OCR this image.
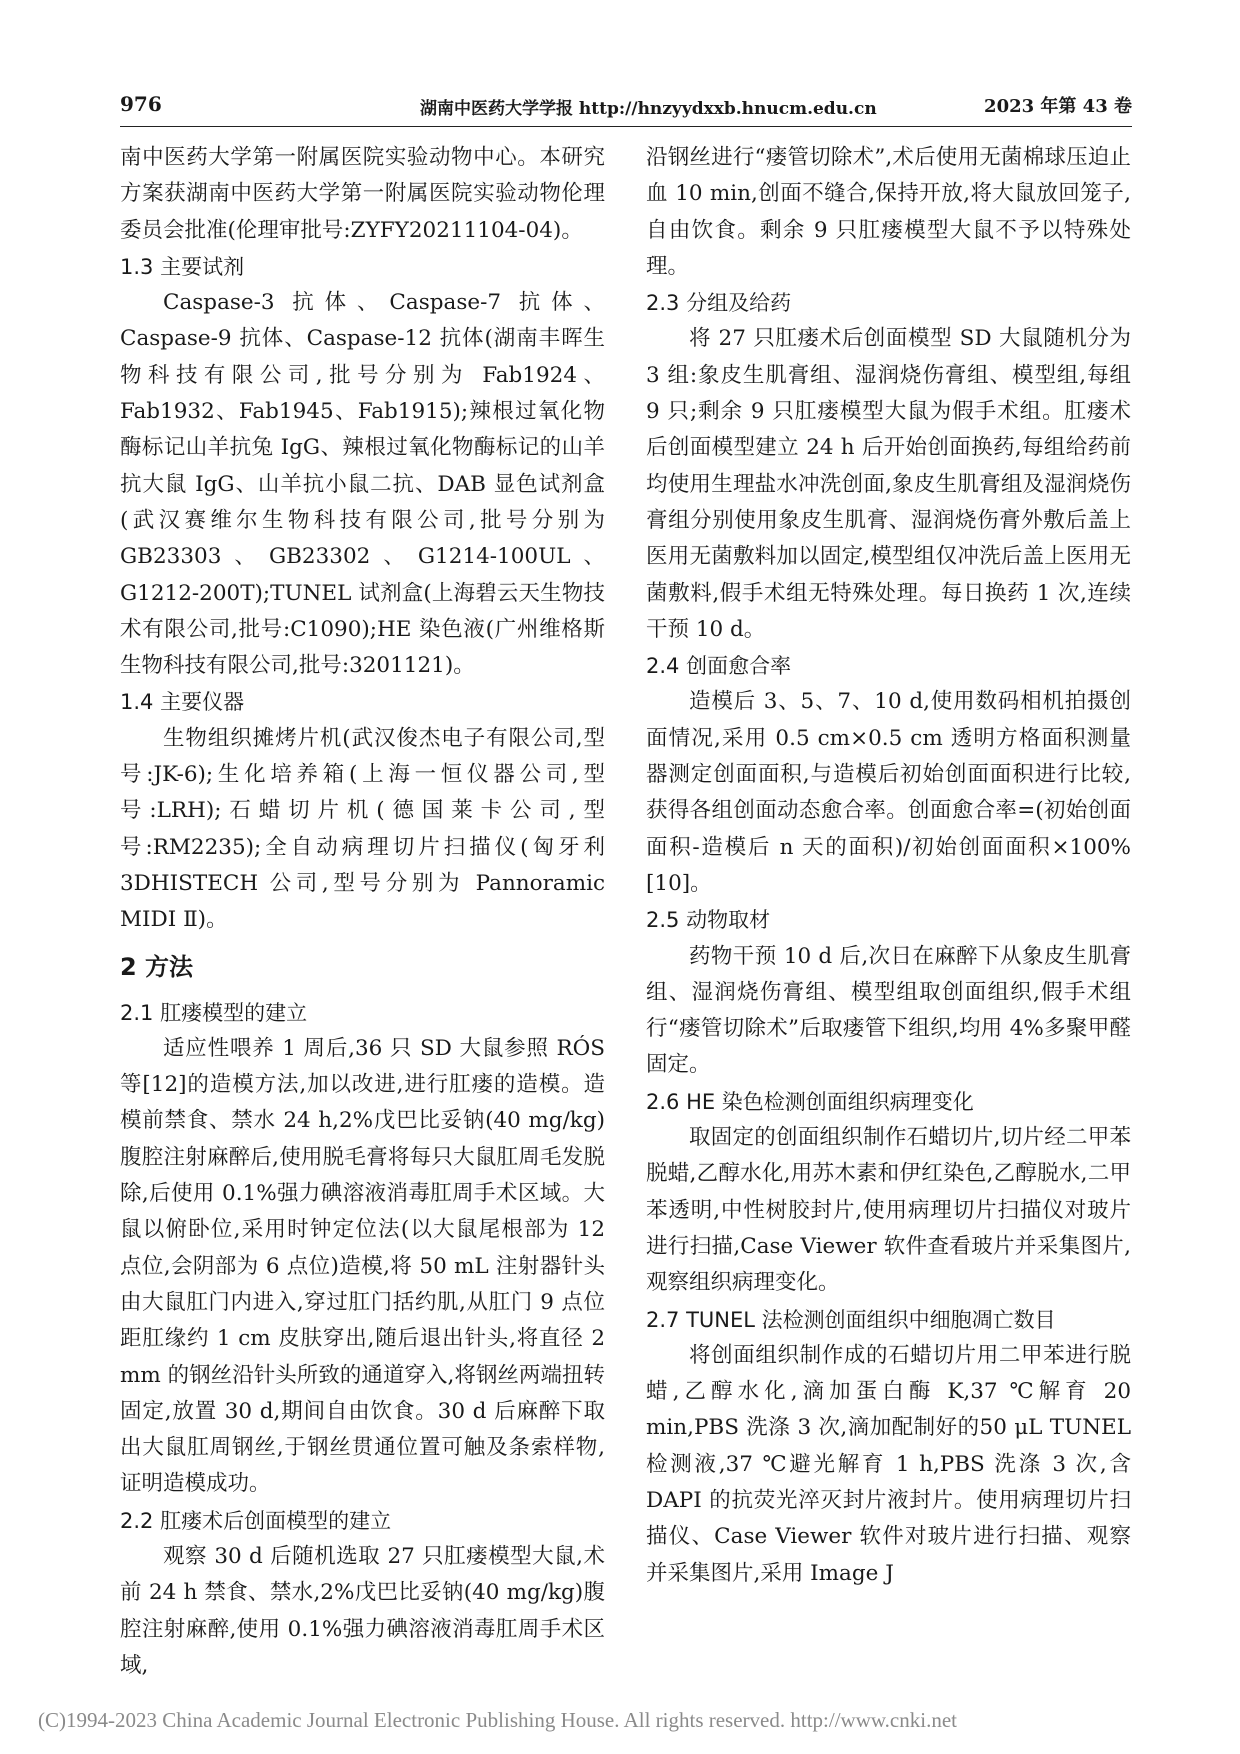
976	湖南中医药大学学报 http://hnzyydxxb.hnucm.edu.cn	2023 年第 43 卷

南中医药大学第一附属医院实验动物中心。本研究方案获湖南中医药大学第一附属医院实验动物伦理委员会批准(伦理审批号:ZYFY20211104-04)。

1.3 主要试剂

Caspase-3 抗体、Caspase-7 抗体、Caspase-9 抗体、Caspase-12 抗体(湖南丰晖生物科技有限公司,批号分别为 Fab1924、Fab1932、Fab1945、Fab1915);辣根过氧化物酶标记山羊抗兔 IgG、辣根过氧化物酶标记的山羊抗大鼠 IgG、山羊抗小鼠二抗、DAB 显色试剂盒(武汉赛维尔生物科技有限公司,批号分别为 GB23303、GB23302、G1214-100UL、G1212-200T);TUNEL 试剂盒(上海碧云天生物技术有限公司,批号:C1090);HE 染色液(广州维格斯生物科技有限公司,批号:3201121)。

1.4 主要仪器

生物组织摊烤片机(武汉俊杰电子有限公司,型号:JK-6);生化培养箱(上海一恒仪器公司,型号:LRH);石蜡切片机(德国莱卡公司,型号:RM2235);全自动病理切片扫描仪(匈牙利3DHISTECH 公司,型号分别为 Pannoramic MIDI Ⅱ)。

2 方法
2.1 肛瘘模型的建立

适应性喂养 1 周后,36 只 SD 大鼠参照 RÓS 等[12]的造模方法,加以改进,进行肛瘘的造模。造模前禁食、禁水 24 h,2%戊巴比妥钠(40 mg/kg)腹腔注射麻醉后,使用脱毛膏将每只大鼠肛周毛发脱除,后使用 0.1%强力碘溶液消毒肛周手术区域。大鼠以俯卧位,采用时钟定位法(以大鼠尾根部为 12 点位,会阴部为 6 点位)造模,将 50 mL 注射器针头由大鼠肛门内进入,穿过肛门括约肌,从肛门 9 点位距肛缘约 1 cm 皮肤穿出,随后退出针头,将直径 2 mm 的钢丝沿针头所致的通道穿入,将钢丝两端扭转固定,放置 30 d,期间自由饮食。30 d 后麻醉下取出大鼠肛周钢丝,于钢丝贯通位置可触及条索样物,证明造模成功。

2.2 肛瘘术后创面模型的建立

观察 30 d 后随机选取 27 只肛瘘模型大鼠,术前 24 h 禁食、禁水,2%戊巴比妥钠(40 mg/kg)腹腔注射麻醉,使用 0.1%强力碘溶液消毒肛周手术区域,

沿钢丝进行“瘘管切除术”,术后使用无菌棉球压迫止血 10 min,创面不缝合,保持开放,将大鼠放回笼子,自由饮食。剩余 9 只肛瘘模型大鼠不予以特殊处理。

2.3 分组及给药

将 27 只肛瘘术后创面模型 SD 大鼠随机分为 3 组:象皮生肌膏组、湿润烧伤膏组、模型组,每组 9 只;剩余 9 只肛瘘模型大鼠为假手术组。肛瘘术后创面模型建立 24 h 后开始创面换药,每组给药前均使用生理盐水冲洗创面,象皮生肌膏组及湿润烧伤膏组分别使用象皮生肌膏、湿润烧伤膏外敷后盖上医用无菌敷料加以固定,模型组仅冲洗后盖上医用无菌敷料,假手术组无特殊处理。每日换药 1 次,连续干预 10 d。

2.4 创面愈合率

造模后 3、5、7、10 d,使用数码相机拍摄创面情况,采用 0.5 cm×0.5 cm 透明方格面积测量器测定创面面积,与造模后初始创面面积进行比较,获得各组创面动态愈合率。创面愈合率=(初始创面面积-造模后 n 天的面积)/初始创面面积×100%[10]。

2.5 动物取材

药物干预 10 d 后,次日在麻醉下从象皮生肌膏组、湿润烧伤膏组、模型组取创面组织,假手术组行“瘘管切除术”后取瘘管下组织,均用 4%多聚甲醛固定。

2.6 HE 染色检测创面组织病理变化

取固定的创面组织制作石蜡切片,切片经二甲苯脱蜡,乙醇水化,用苏木素和伊红染色,乙醇脱水,二甲苯透明,中性树胶封片,使用病理切片扫描仪对玻片进行扫描,Case Viewer 软件查看玻片并采集图片,观察组织病理变化。

2.7 TUNEL 法检测创面组织中细胞凋亡数目

将创面组织制作成的石蜡切片用二甲苯进行脱蜡,乙醇水化,滴加蛋白酶 K,37 ℃解育 20 min,PBS 洗涤 3 次,滴加配制好的50 μL TUNEL 检测液,37 ℃避光解育 1 h,PBS 洗涤 3 次,含 DAPI 的抗荧光淬灭封片液封片。使用病理切片扫描仪、Case Viewer 软件对玻片进行扫描、观察并采集图片,采用 Image J

(C)1994-2023 China Academic Journal Electronic Publishing House. All rights reserved. http://www.cnki.net
